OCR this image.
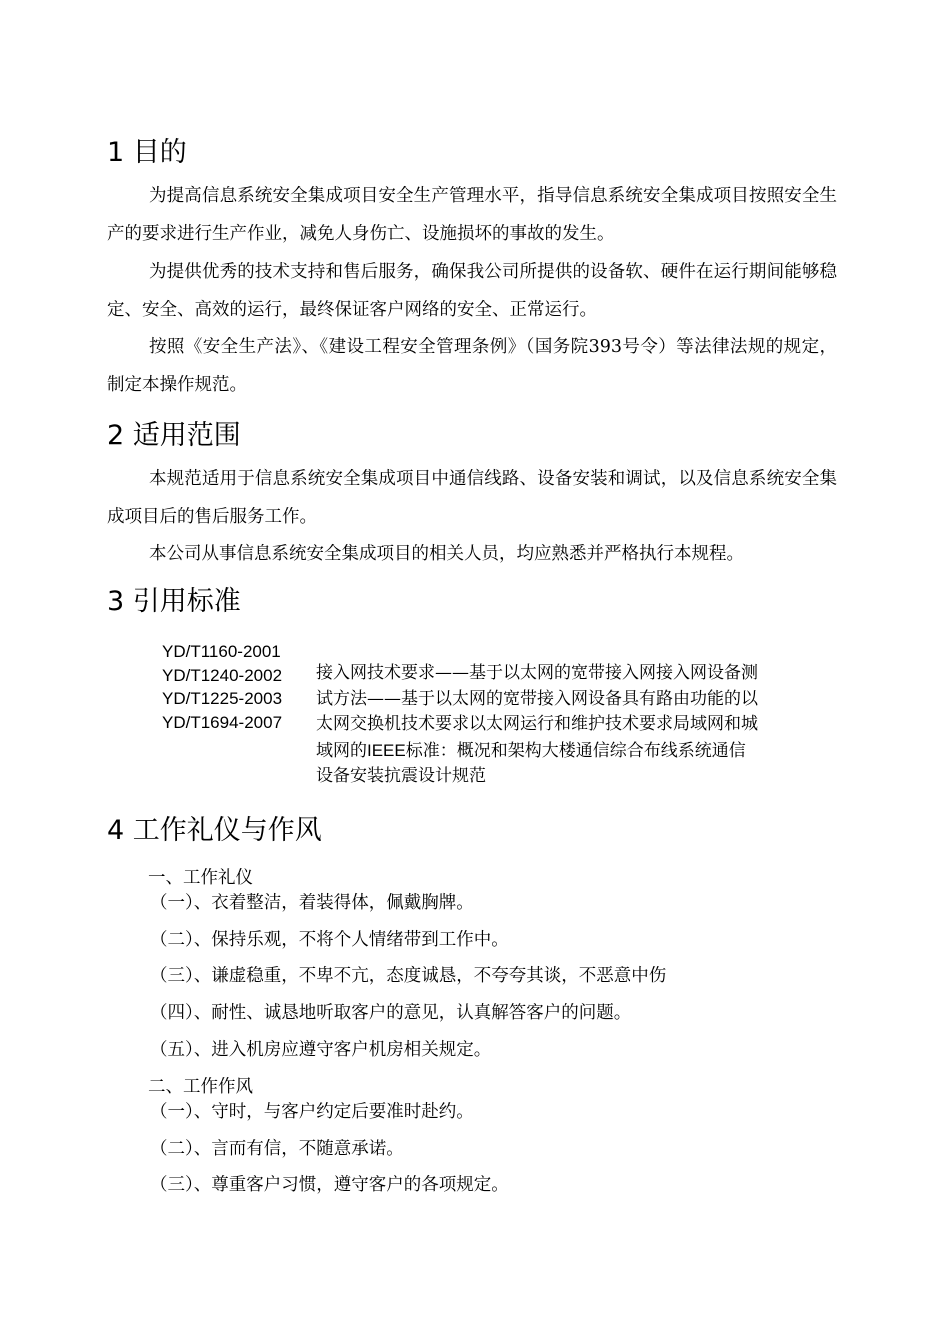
1 目的

为提高信息系统安全集成项目安全生产管理水平，指导信息系统安全集成项目按照安全生产的要求进行生产作业，减免人身伤亡、设施损坏的事故的发生。

为提供优秀的技术支持和售后服务，确保我公司所提供的设备软、硬件在运行期间能够稳定、安全、高效的运行，最终保证客户网络的安全、正常运行。

按照《安全生产法》、《建设工程安全管理条例》（国务院393号令）等法律法规的规定，制定本操作规范。

2 适用范围

本规范适用于信息系统安全集成项目中通信线路、设备安装和调试，以及信息系统安全集成项目后的售后服务工作。

本公司从事信息系统安全集成项目的相关人员，均应熟悉并严格执行本规程。

3 引用标准
YD/T1160-2001
YD/T1240-2002
YD/T1225-2003
YD/T1694-2007

接入网技术要求——基于以太网的宽带接入网接入网设备测试方法——基于以太网的宽带接入网设备具有路由功能的以太网交换机技术要求以太网运行和维护技术要求局域网和城域网的IEEE标准：概况和架构大楼通信综合布线系统通信设备安装抗震设计规范

4 工作礼仪与作风

一、工作礼仪

（一）、衣着整洁，着装得体，佩戴胸牌。

（二）、保持乐观，不将个人情绪带到工作中。

（三）、谦虚稳重，不卑不亢，态度诚恳，不夸夸其谈，不恶意中伤

（四）、耐性、诚恳地听取客户的意见，认真解答客户的问题。

（五）、进入机房应遵守客户机房相关规定。

二、工作作风

（一）、守时，与客户约定后要准时赴约。

（二）、言而有信，不随意承诺。

（三）、尊重客户习惯，遵守客户的各项规定。
